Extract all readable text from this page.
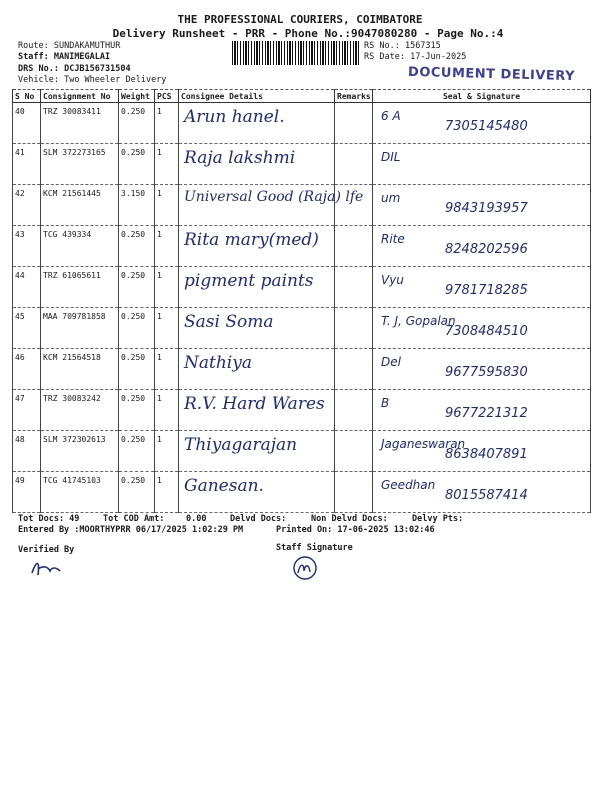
THE PROFESSIONAL COURIERS, COIMBATORE
Delivery Runsheet - PRR - Phone No.:9047080280 - Page No.:4
Route: SUNDAKAMUTHUR
Staff: MANIMEGALAI
DRS No.: DCJB156731504
Vehicle: Two Wheeler Delivery
RS No.: 1567315
RS Date: 17-Jun-2025
DOCUMENT DELIVERY
S No	Consignment No	Weight	PCS	Consignee Details	Remarks	Seal & Signature
40	TRZ 30083411	0.250	1	Arun hanel.		6 A
7305145480

41	SLM 372273165	0.250	1	Raja lakshmi		DIL

42	KCM 21561445	3.150	1	Universal Good (Raja) lfe		um
9843193957

43	TCG 439334	0.250	1	Rita mary(med)		Rite
8248202596

44	TRZ 61065611	0.250	1	pigment paints		Vyu
9781718285

45	MAA 709781858	0.250	1	Sasi Soma		T. J, Gopalan
7308484510

46	KCM 21564518	0.250	1	Nathiya		Del
9677595830

47	TRZ 30083242	0.250	1	R.V. Hard Wares		B
9677221312

48	SLM 372302613	0.250	1	Thiyagarajan		Jaganeswaran
8638407891

49	TCG 41745103	0.250	1	Ganesan.		Geedhan
8015587414
Tot Docs: 49	Tot COD Amt:	0.00	Delvd Docs:	Non Delvd Docs:	Delvy Pts:
Entered By :MOORTHYPRR 06/17/2025 1:02:29 PM	Printed On: 17-06-2025 13:02:46
Verified By	Staff Signature
